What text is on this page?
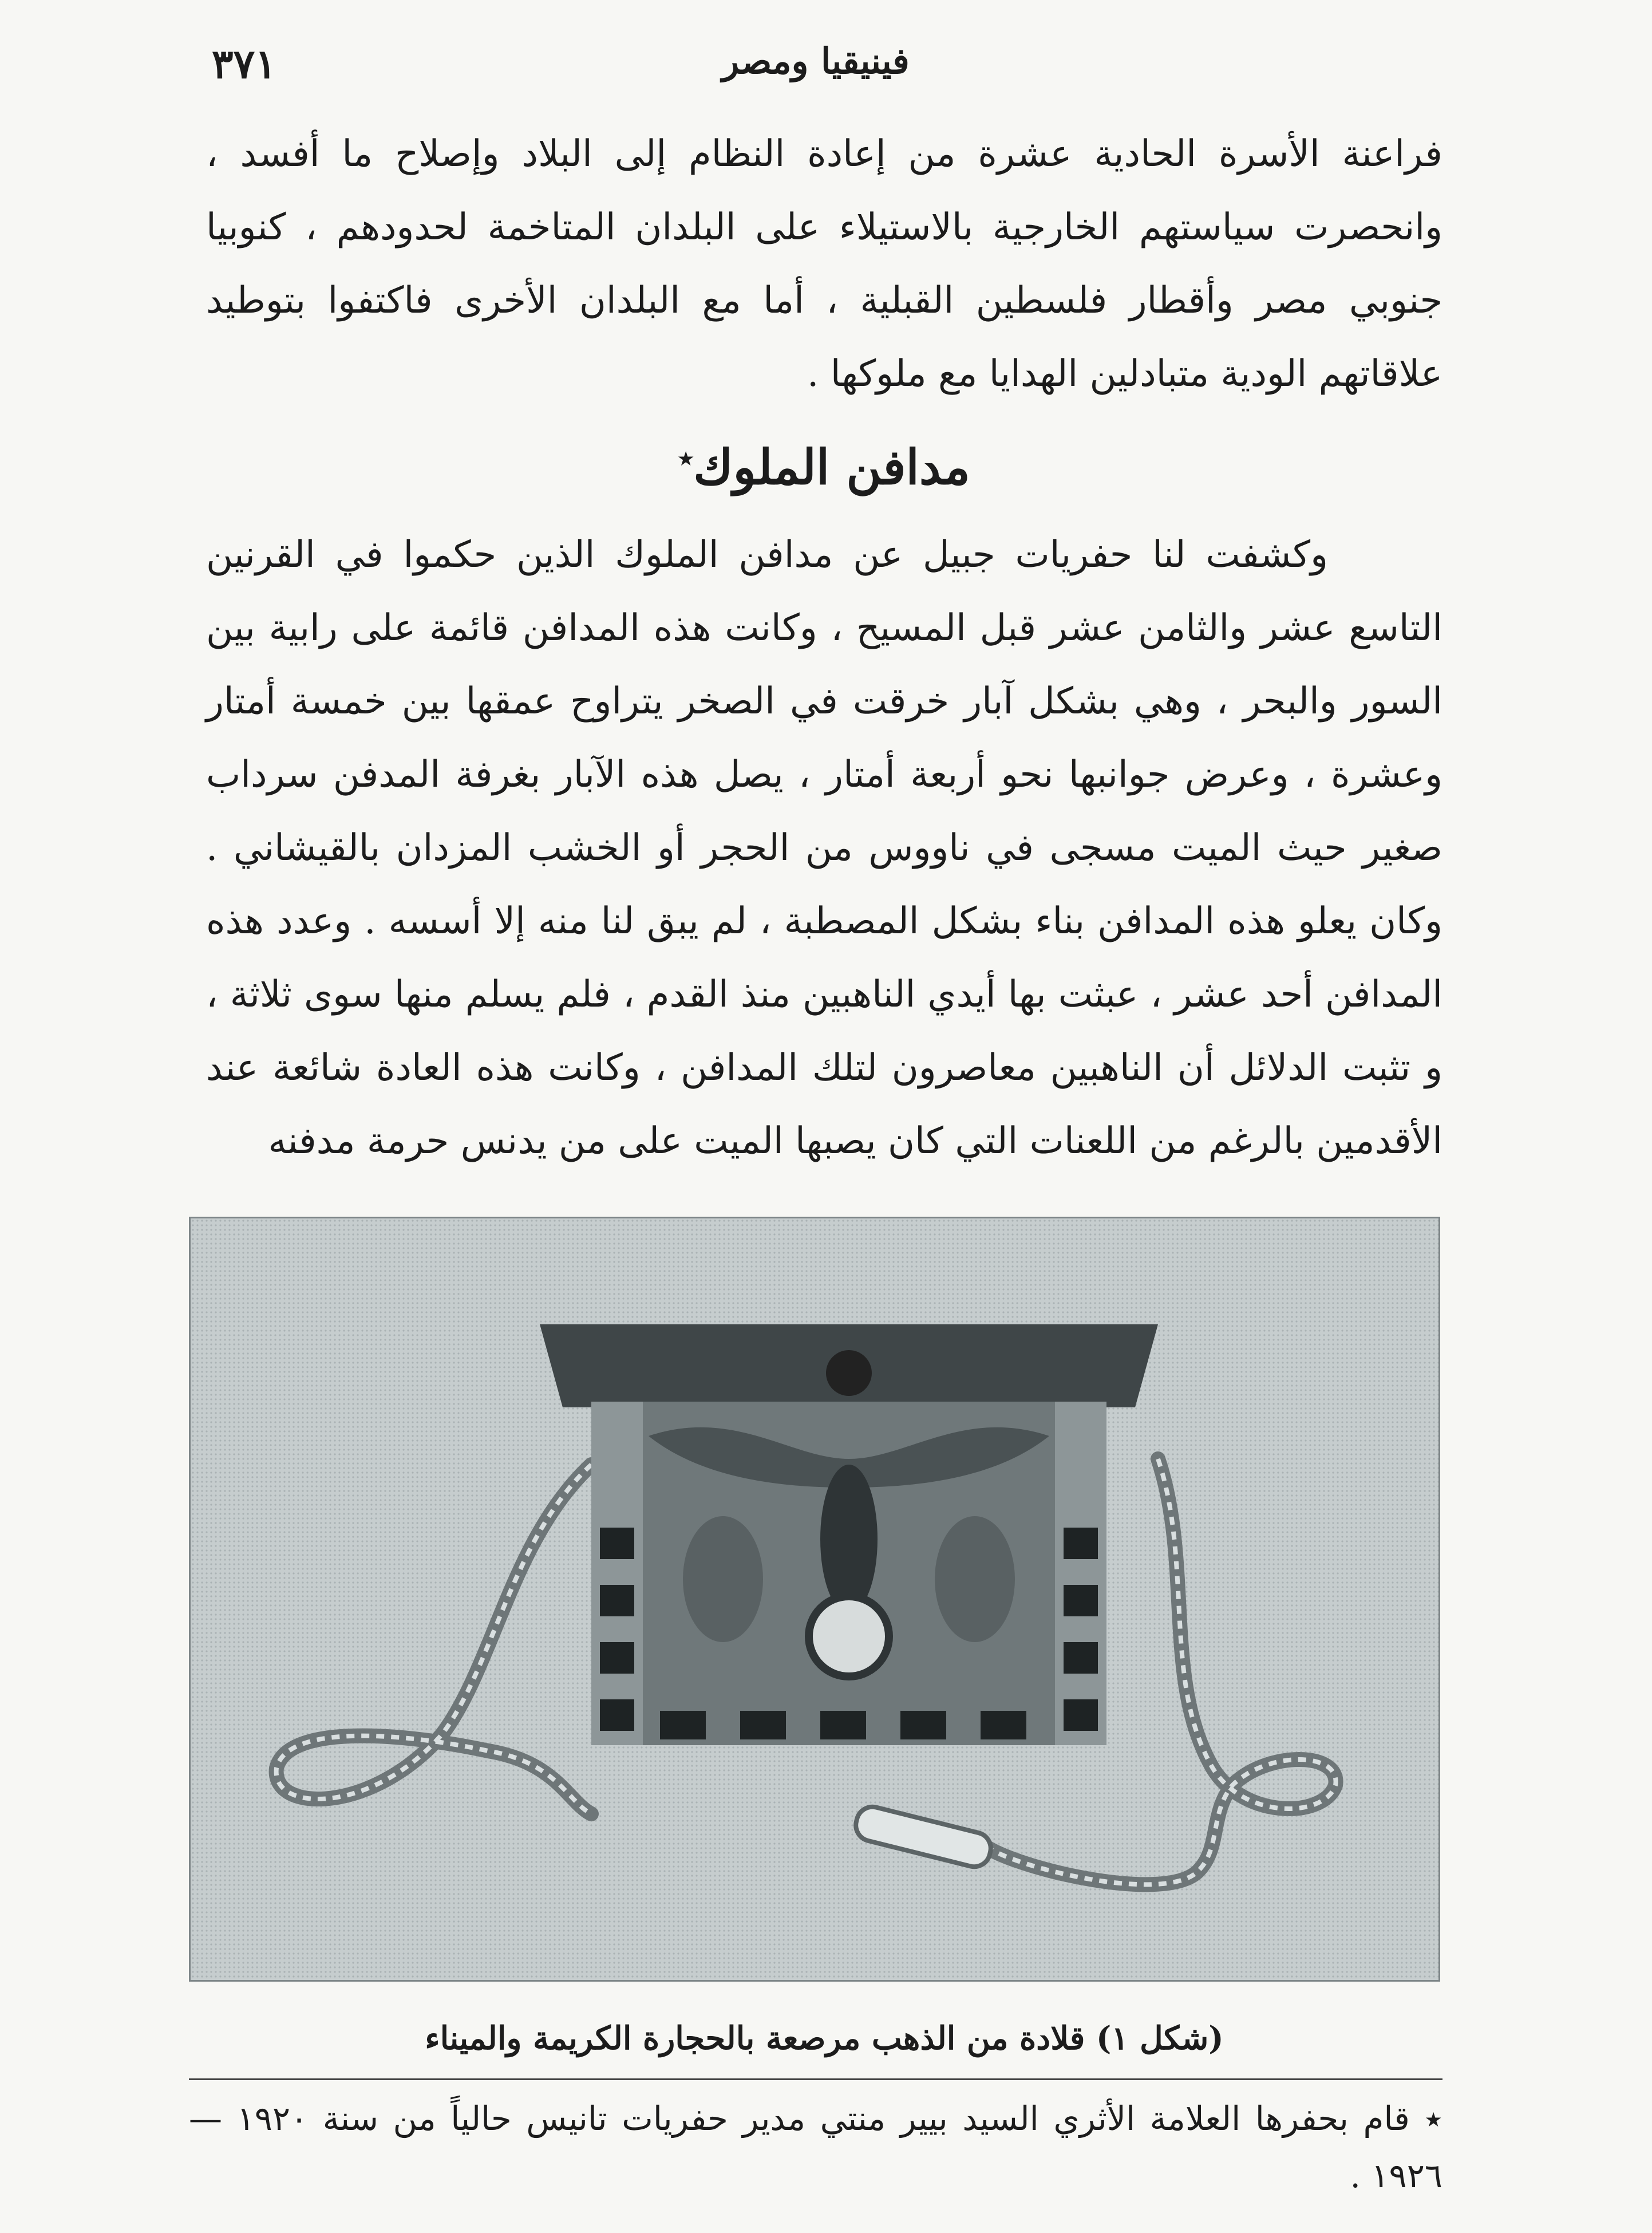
٣٧١	فينيقيا ومصر
فراعنة الأسرة الحادية عشرة من إعادة النظام إلى البلاد وإصلاح ما أفسد ، وانحصرت سياستهم الخارجية بالاستيلاء على البلدان المتاخمة لحدودهم ، كنوبيا جنوبي مصر وأقطار فلسطين القبلية ، أما مع البلدان الأخرى فاكتفوا بتوطيد علاقاتهم الودية متبادلين الهدايا مع ملوكها .
مدافن الملوك٭
وكشفت لنا حفريات جبيل عن مدافن الملوك الذين حكموا في القرنين التاسع عشر والثامن عشر قبل المسيح ، وكانت هذه المدافن قائمة على رابية بين السور والبحر ، وهي بشكل آبار خرقت في الصخر يتراوح عمقها بين خمسة أمتار وعشرة ، وعرض جوانبها نحو أربعة أمتار ، يصل هذه الآبار بغرفة المدفن سرداب صغير حيث الميت مسجى في ناووس من الحجر أو الخشب المزدان بالقيشاني . وكان يعلو هذه المدافن بناء بشكل المصطبة ، لم يبق لنا منه إلا أسسه . وعدد هذه المدافن أحد عشر ، عبثت بها أيدي الناهبين منذ القدم ، فلم يسلم منها سوى ثلاثة ، و تثبت الدلائل أن الناهبين معاصرون لتلك المدافن ، وكانت هذه العادة شائعة عند الأقدمين بالرغم من اللعنات التي كان يصبها الميت على من يدنس حرمة مدفنه
(شكل ١) قلادة من الذهب مرصعة بالحجارة الكريمة والميناء
٭ قام بحفرها العلامة الأثري السيد بيير منتي مدير حفريات تانيس حالياً من سنة ١٩٢٠ — ١٩٢٦ .
